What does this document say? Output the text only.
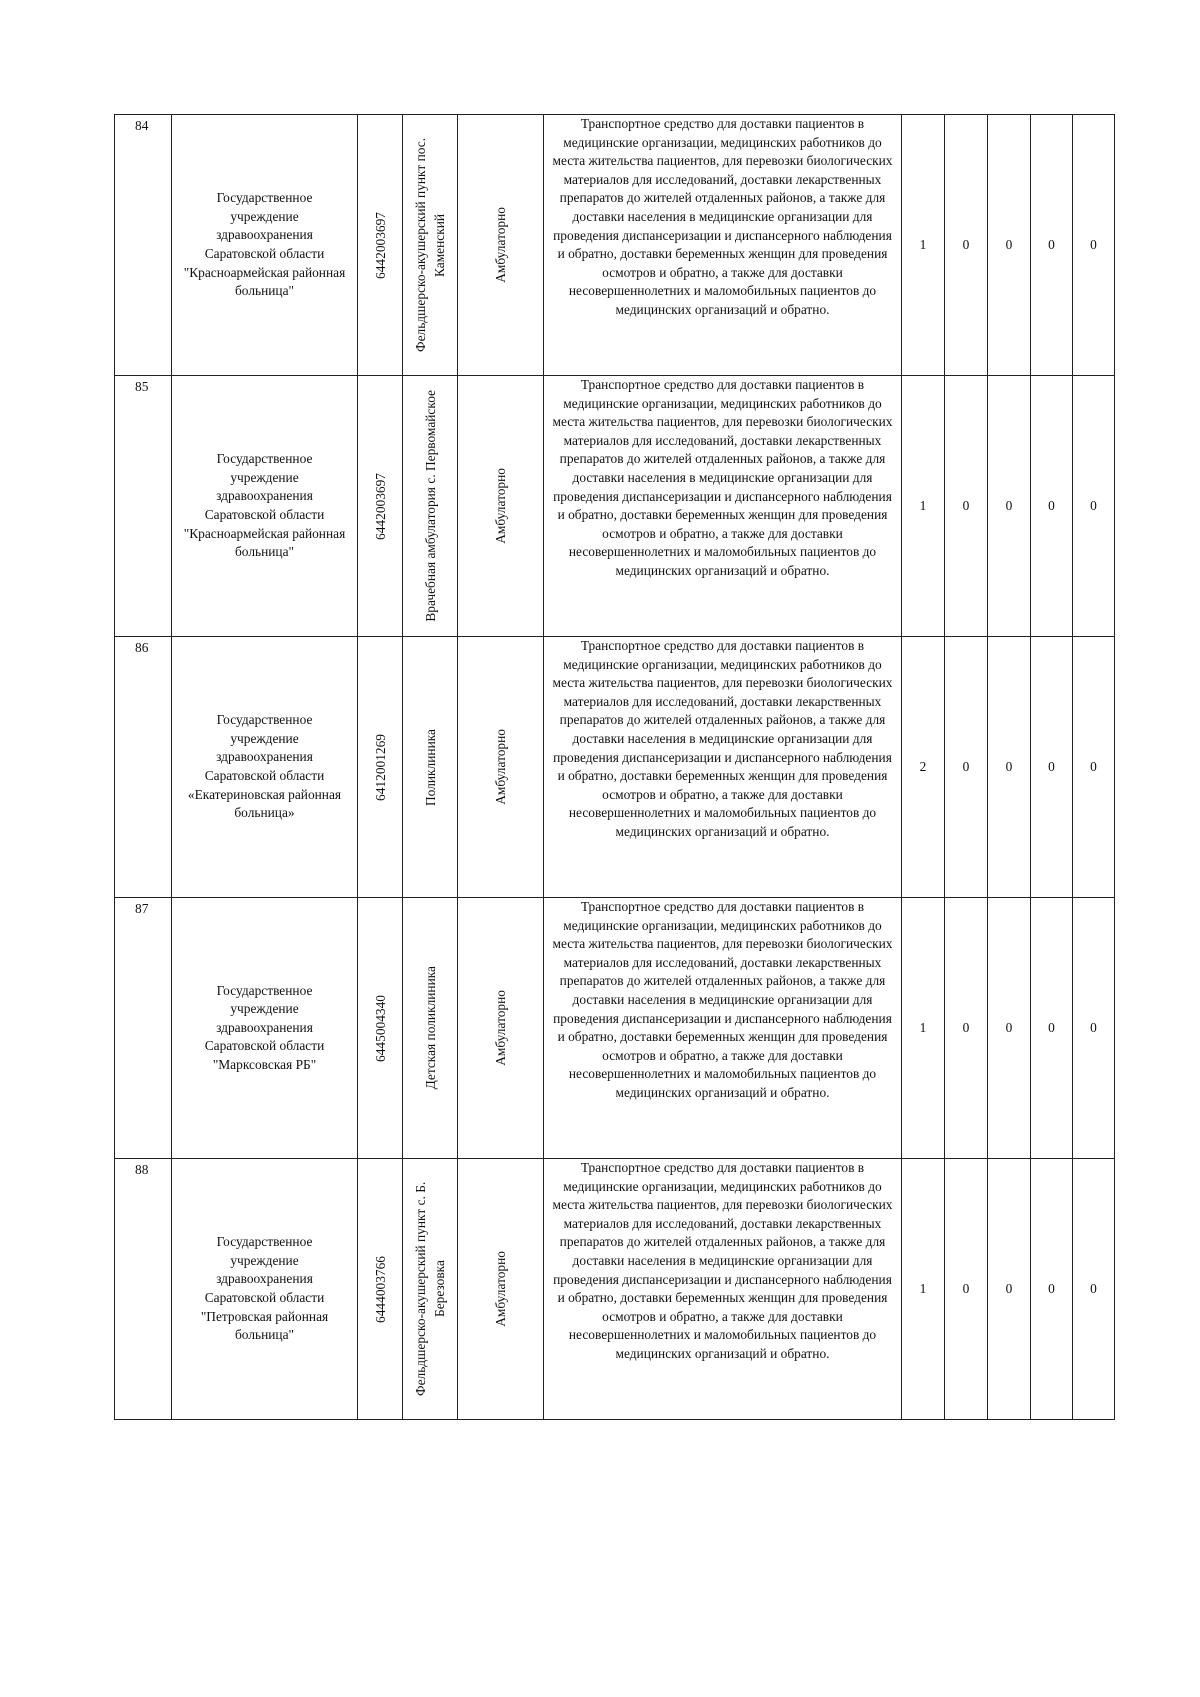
84	Государственное учреждение здравоохранения Саратовской области "Красноармейская районная больница"	6442003697	Фельдшерско-акушерский пункт пос. Каменский	Амбулаторно	Транспортное средство для доставки пациентов в медицинские организации, медицинских работников до места жительства пациентов, для перевозки биологических материалов для исследований, доставки лекарственных препаратов до жителей отдаленных районов, а также для доставки населения в медицинские организации для проведения диспансеризации и диспансерного наблюдения и обратно, доставки беременных женщин для проведения осмотров и обратно, а также для доставки несовершеннолетних и маломобильных пациентов до медицинских организаций и обратно.	1	0	0	0	0
85	Государственное учреждение здравоохранения Саратовской области "Красноармейская районная больница"	6442003697	Врачебная амбулатория с. Первомайское	Амбулаторно	Транспортное средство для доставки пациентов в медицинские организации, медицинских работников до места жительства пациентов, для перевозки биологических материалов для исследований, доставки лекарственных препаратов до жителей отдаленных районов, а также для доставки населения в медицинские организации для проведения диспансеризации и диспансерного наблюдения и обратно, доставки беременных женщин для проведения осмотров и обратно, а также для доставки несовершеннолетних и маломобильных пациентов до медицинских организаций и обратно.	1	0	0	0	0
86	Государственное учреждение здравоохранения Саратовской области «Екатериновская районная больница»	6412001269	Поликлиника	Амбулаторно	Транспортное средство для доставки пациентов в медицинские организации, медицинских работников до места жительства пациентов, для перевозки биологических материалов для исследований, доставки лекарственных препаратов до жителей отдаленных районов, а также для доставки населения в медицинские организации для проведения диспансеризации и диспансерного наблюдения и обратно, доставки беременных женщин для проведения осмотров и обратно, а также для доставки несовершеннолетних и маломобильных пациентов до медицинских организаций и обратно.	2	0	0	0	0
87	Государственное учреждение здравоохранения Саратовской области "Марксовская РБ"	6445004340	Детская поликлиника	Амбулаторно	Транспортное средство для доставки пациентов в медицинские организации, медицинских работников до места жительства пациентов, для перевозки биологических материалов для исследований, доставки лекарственных препаратов до жителей отдаленных районов, а также для доставки населения в медицинские организации для проведения диспансеризации и диспансерного наблюдения и обратно, доставки беременных женщин для проведения осмотров и обратно, а также для доставки несовершеннолетних и маломобильных пациентов до медицинских организаций и обратно.	1	0	0	0	0
88	Государственное учреждение здравоохранения Саратовской области "Петровская районная больница"	6444003766	Фельдшерско-акушерский пункт с. Б. Березовка	Амбулаторно	Транспортное средство для доставки пациентов в медицинские организации, медицинских работников до места жительства пациентов, для перевозки биологических материалов для исследований, доставки лекарственных препаратов до жителей отдаленных районов, а также для доставки населения в медицинские организации для проведения диспансеризации и диспансерного наблюдения и обратно, доставки беременных женщин для проведения осмотров и обратно, а также для доставки несовершеннолетних и маломобильных пациентов до медицинских организаций и обратно.	1	0	0	0	0
